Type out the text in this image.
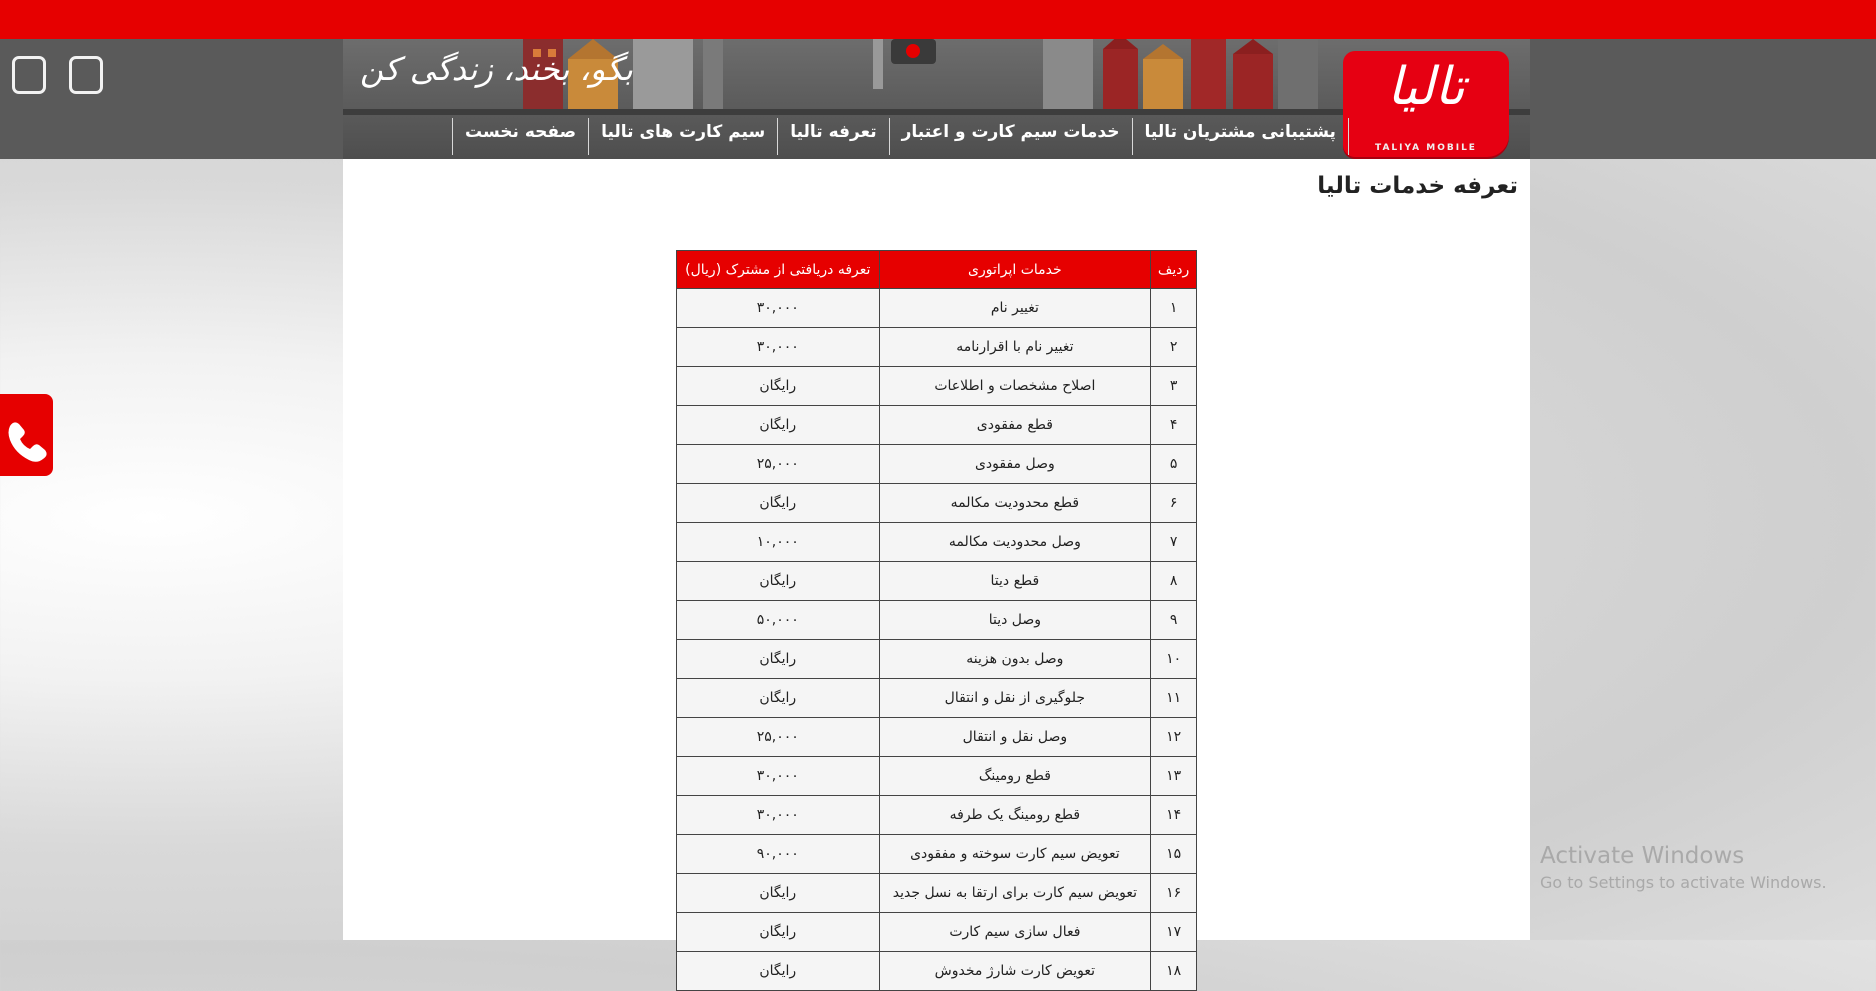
بگو، بخند، زندگی کن	تالیا
TALIYA MOBILE
صفحه نخست	سیم کارت های تالیا	تعرفه تالیا	خدمات سیم کارت و اعتبار	پشتیبانی مشتریان تالیا
تعرفه خدمات تالیا
ردیف	خدمات اپراتوری	تعرفه دریافتی از مشترک (ریال)
۱	تغییر نام	۳۰,۰۰۰
۲	تغییر نام با اقرارنامه	۳۰,۰۰۰
۳	اصلاح مشخصات و اطلاعات	رایگان
۴	قطع مفقودی	رایگان
۵	وصل مفقودی	۲۵,۰۰۰
۶	قطع محدودیت مکالمه	رایگان
۷	وصل محدودیت مکالمه	۱۰,۰۰۰
۸	قطع دیتا	رایگان
۹	وصل دیتا	۵۰,۰۰۰
۱۰	وصل بدون هزینه	رایگان
۱۱	جلوگیری از نقل و انتقال	رایگان
۱۲	وصل نقل و انتقال	۲۵,۰۰۰
۱۳	قطع رومینگ	۳۰,۰۰۰
۱۴	قطع رومینگ یک طرفه	۳۰,۰۰۰
۱۵	تعویض سیم کارت سوخته و مفقودی	۹۰,۰۰۰
۱۶	تعویض سیم کارت برای ارتقا به نسل جدید	رایگان
۱۷	فعال سازی سیم کارت	رایگان
۱۸	تعویض کارت شارژ مخدوش	رایگان
Activate Windows
Go to Settings to activate Windows.
